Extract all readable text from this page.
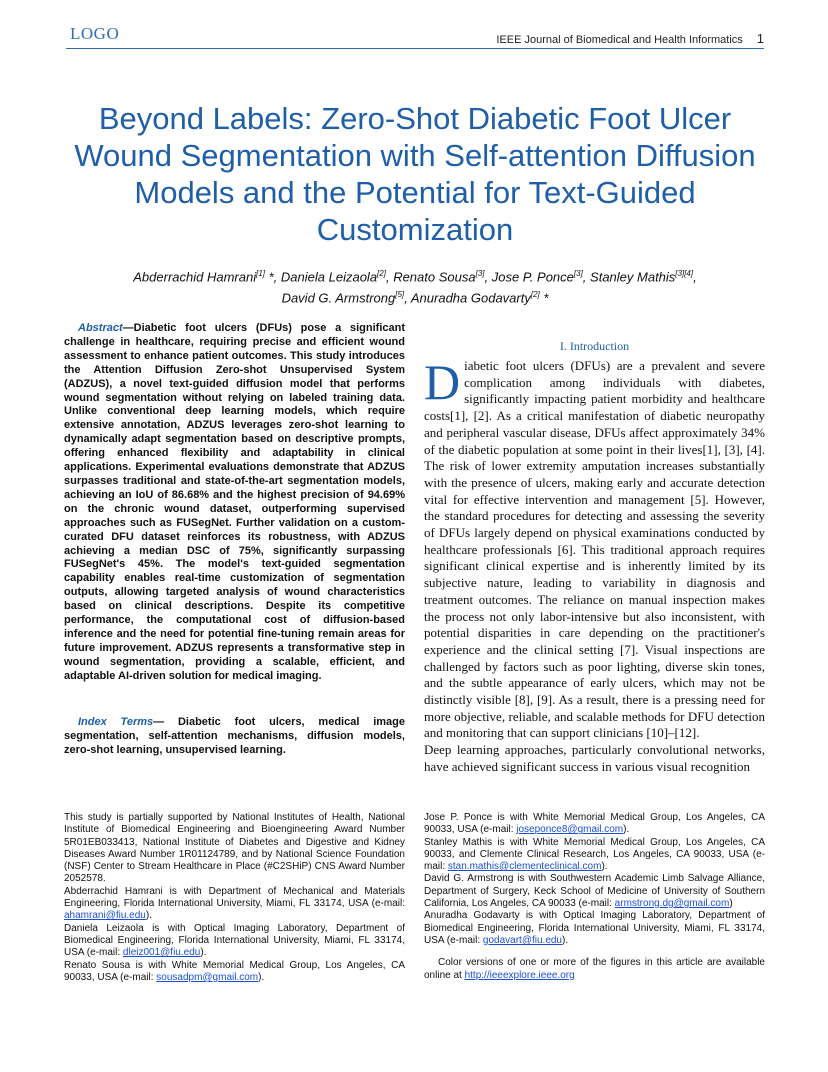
LOGO	IEEE Journal of Biomedical and Health Informatics 1
Beyond Labels: Zero-Shot Diabetic Foot Ulcer Wound Segmentation with Self-attention Diffusion Models and the Potential for Text-Guided Customization
Abderrachid Hamrani[1] *, Daniela Leizaola[2], Renato Sousa[3], Jose P. Ponce[3], Stanley Mathis[3][4],
David G. Armstrong[5], Anuradha Godavarty[2] *
Abstract—Diabetic foot ulcers (DFUs) pose a significant challenge in healthcare, requiring precise and efficient wound assessment to enhance patient outcomes. This study introduces the Attention Diffusion Zero-shot Unsupervised System (ADZUS), a novel text-guided diffusion model that performs wound segmentation without relying on labeled training data. Unlike conventional deep learning models, which require extensive annotation, ADZUS leverages zero-shot learning to dynamically adapt segmentation based on descriptive prompts, offering enhanced flexibility and adaptability in clinical applications. Experimental evaluations demonstrate that ADZUS surpasses traditional and state-of-the-art segmentation models, achieving an IoU of 86.68% and the highest precision of 94.69% on the chronic wound dataset, outperforming supervised approaches such as FUSegNet. Further validation on a custom-curated DFU dataset reinforces its robustness, with ADZUS achieving a median DSC of 75%, significantly surpassing FUSegNet's 45%. The model's text-guided segmentation capability enables real-time customization of segmentation outputs, allowing targeted analysis of wound characteristics based on clinical descriptions. Despite its competitive performance, the computational cost of diffusion-based inference and the need for potential fine-tuning remain areas for future improvement. ADZUS represents a transformative step in wound segmentation, providing a scalable, efficient, and adaptable AI-driven solution for medical imaging.
Index Terms— Diabetic foot ulcers, medical image segmentation, self-attention mechanisms, diffusion models, zero-shot learning, unsupervised learning.
I. Introduction

Diabetic foot ulcers (DFUs) are a prevalent and severe complication among individuals with diabetes, significantly impacting patient morbidity and healthcare costs[1], [2]. As a critical manifestation of diabetic neuropathy and peripheral vascular disease, DFUs affect approximately 34% of the diabetic population at some point in their lives[1], [3], [4]. The risk of lower extremity amputation increases substantially with the presence of ulcers, making early and accurate detection vital for effective intervention and management [5]. However, the standard procedures for detecting and assessing the severity of DFUs largely depend on physical examinations conducted by healthcare professionals [6]. This traditional approach requires significant clinical expertise and is inherently limited by its subjective nature, leading to variability in diagnosis and treatment outcomes. The reliance on manual inspection makes the process not only labor-intensive but also inconsistent, with potential disparities in care depending on the practitioner's experience and the clinical setting [7]. Visual inspections are challenged by factors such as poor lighting, diverse skin tones, and the subtle appearance of early ulcers, which may not be distinctly visible [8], [9]. As a result, there is a pressing need for more objective, reliable, and scalable methods for DFU detection and monitoring that can support clinicians [10]–[12].

Deep learning approaches, particularly convolutional networks, have achieved significant success in various visual recognition

This study is partially supported by National Institutes of Health, National Institute of Biomedical Engineering and Bioengineering Award Number 5R01EB033413, National Institute of Diabetes and Digestive and Kidney Diseases Award Number 1R01124789, and by National Science Foundation (NSF) Center to Stream Healthcare in Place (#C2SHiP) CNS Award Number 2052578.

Abderrachid Hamrani is with Department of Mechanical and Materials Engineering, Florida International University, Miami, FL 33174, USA (e-mail: ahamrani@fiu.edu).

Daniela Leizaola is with Optical Imaging Laboratory, Department of Biomedical Engineering, Florida International University, Miami, FL 33174, USA (e-mail: dleiz001@fiu.edu).

Renato Sousa is with White Memorial Medical Group, Los Angeles, CA 90033, USA (e-mail: sousadpm@gmail.com).

Jose P. Ponce is with White Memorial Medical Group, Los Angeles, CA 90033, USA (e-mail: joseponce8@gmail.com).

Stanley Mathis is with White Memorial Medical Group, Los Angeles, CA 90033, and Clemente Clinical Research, Los Angeles, CA 90033, USA (e-mail: stan.mathis@clementeclinical.com).

David G. Armstrong is with Southwestern Academic Limb Salvage Alliance, Department of Surgery, Keck School of Medicine of University of Southern California, Los Angeles, CA 90033 (e-mail: armstrong.dg@gmail.com)

Anuradha Godavarty is with Optical Imaging Laboratory, Department of Biomedical Engineering, Florida International University, Miami, FL 33174, USA (e-mail: godavart@fiu.edu).

Color versions of one or more of the figures in this article are available online at http://ieeexplore.ieee.org
